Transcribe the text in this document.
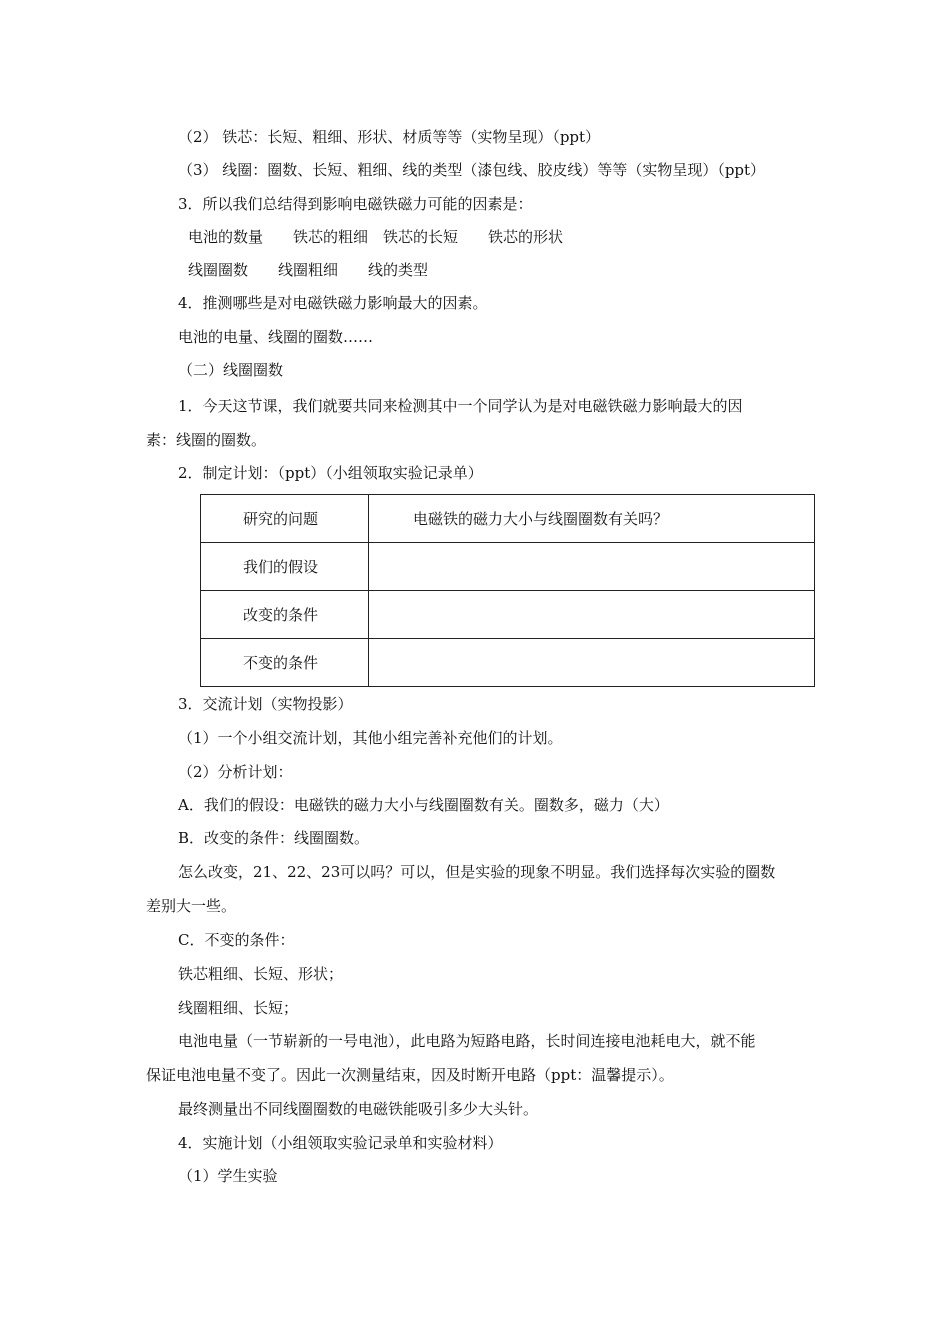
（2） 铁芯：长短、粗细、形状、材质等等（实物呈现）（ppt）
（3） 线圈：圈数、长短、粗细、线的类型（漆包线、胶皮线）等等（实物呈现）（ppt）
3．所以我们总结得到影响电磁铁磁力可能的因素是：
电池的数量　　铁芯的粗细　铁芯的长短　　铁芯的形状
线圈圈数　　线圈粗细　　线的类型
4．推测哪些是对电磁铁磁力影响最大的因素。
电池的电量、线圈的圈数……
（二）线圈圈数
1．今天这节课，我们就要共同来检测其中一个同学认为是对电磁铁磁力影响最大的因
素：线圈的圈数。
2．制定计划：（ppt）（小组领取实验记录单）
研究的问题	电磁铁的磁力大小与线圈圈数有关吗？
我们的假设	
改变的条件	
不变的条件	
3．交流计划（实物投影）
（1）一个小组交流计划，其他小组完善补充他们的计划。
（2）分析计划：
A．我们的假设：电磁铁的磁力大小与线圈圈数有关。圈数多，磁力（大）
B．改变的条件：线圈圈数。
怎么改变，21、22、23可以吗？可以，但是实验的现象不明显。我们选择每次实验的圈数
差别大一些。
C．不变的条件：
铁芯粗细、长短、形状；
线圈粗细、长短；
电池电量（一节崭新的一号电池），此电路为短路电路，长时间连接电池耗电大，就不能
保证电池电量不变了。因此一次测量结束，因及时断开电路（ppt：温馨提示）。
最终测量出不同线圈圈数的电磁铁能吸引多少大头针。
4．实施计划（小组领取实验记录单和实验材料）
（1）学生实验
